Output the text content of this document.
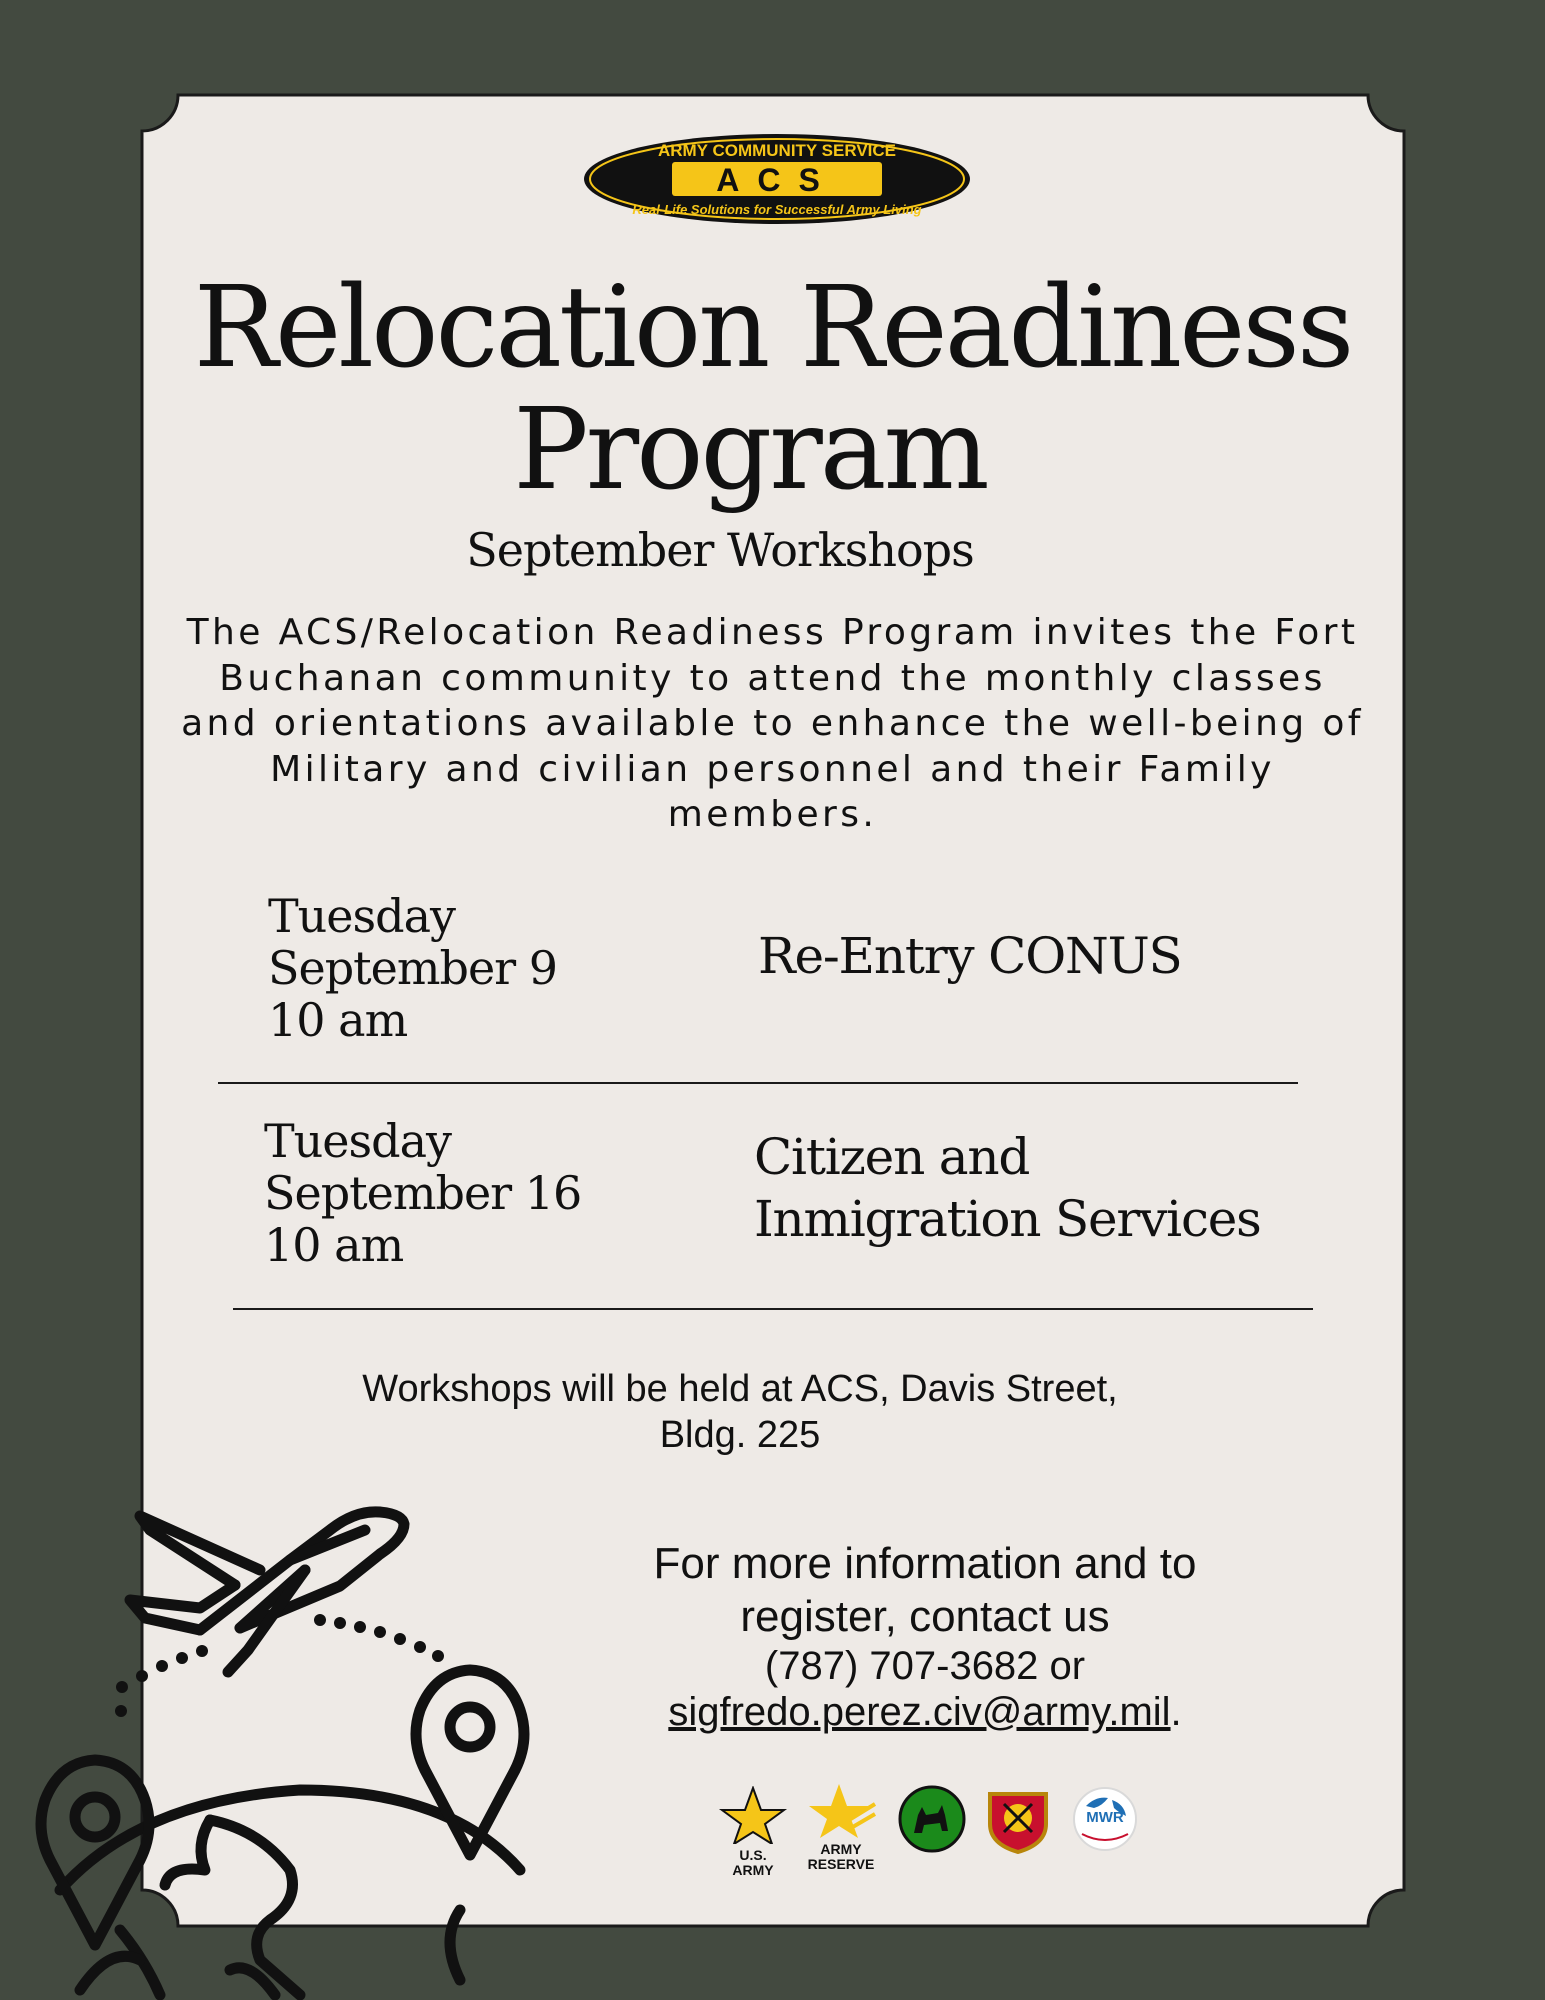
ARMY COMMUNITY SERVICE
ACS
Real-Life Solutions for Successful Army Living
Relocation Readiness
Program
September Workshops
The ACS/Relocation Readiness Program invites the Fort Buchanan community to attend the monthly classes and orientations available to enhance the well-being of Military and civilian personnel and their Family members.
Tuesday
September 9
10 am
Re-Entry CONUS
Tuesday
September 16
10 am
Citizen and
Inmigration Services
Workshops will be held at ACS, Davis Street,
Bldg. 225
For more information and to
register, contact us
(787) 707-3682 or
sigfredo.perez.civ@army.mil.
U.S. ARMY
ARMY
RESERVE
MWR
